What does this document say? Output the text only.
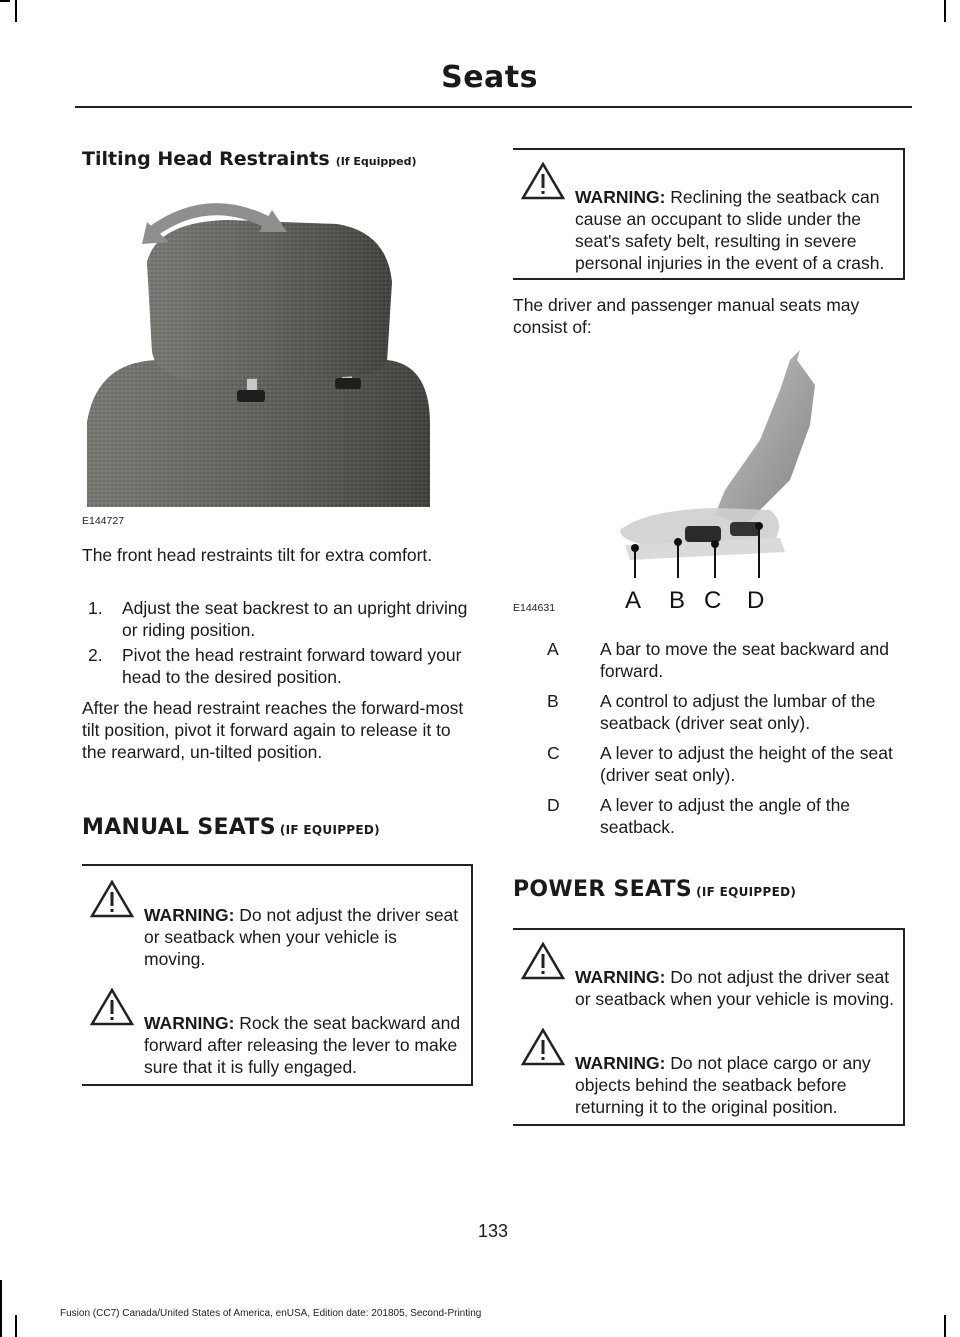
Seats
Tilting Head Restraints (If Equipped)
E144727

The front head restraints tilt for extra comfort.

1.	Adjust the seat backrest to an upright driving or riding position.
2.	Pivot the head restraint forward toward your head to the desired position.

After the head restraint reaches the forward-most tilt position, pivot it forward again to release it to the rearward, un-tilted position.

MANUAL SEATS (IF EQUIPPED)
WARNING: Do not adjust the driver seat or seatback when your vehicle is moving.
WARNING: Rock the seat backward and forward after releasing the lever to make sure that it is fully engaged.
WARNING: Reclining the seatback can cause an occupant to slide under the seat's safety belt, resulting in severe personal injuries in the event of a crash.

The driver and passenger manual seats may consist of:

A B C D
E144631
A	A bar to move the seat backward and forward.
B	A control to adjust the lumbar of the seatback (driver seat only).
C	A lever to adjust the height of the seat (driver seat only).
D	A lever to adjust the angle of the seatback.
POWER SEATS (IF EQUIPPED)
WARNING: Do not adjust the driver seat or seatback when your vehicle is moving.
WARNING: Do not place cargo or any objects behind the seatback before returning it to the original position.
133
Fusion (CC7) Canada/United States of America, enUSA, Edition date: 201805, Second-Printing
